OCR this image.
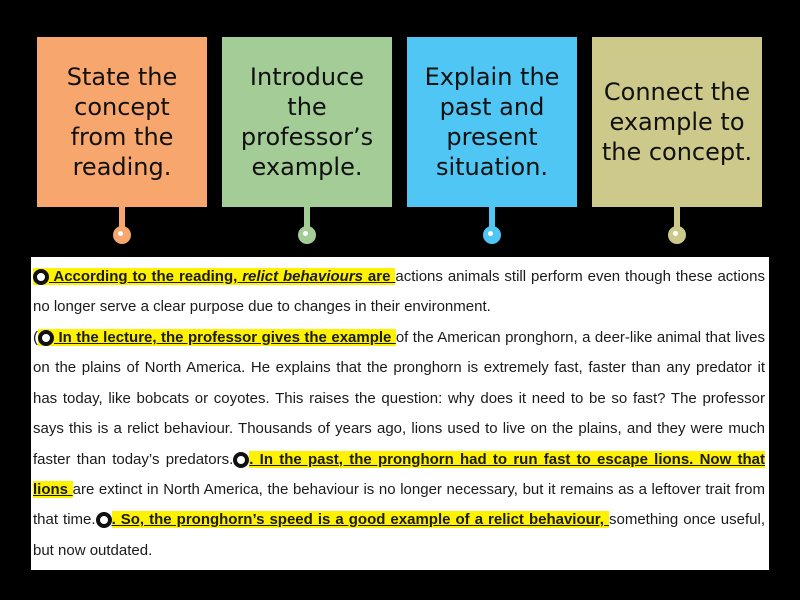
State the concept from the reading.
Introduce the professor’s example.
Explain the past and present situation.
Connect the example to the concept.

According to the reading, relict behaviours are actions animals still perform even though these actions no longer serve a clear purpose due to changes in their environment.

( In the lecture, the professor gives the example of the American pronghorn, a deer-like animal that lives on the plains of North America. He explains that the pronghorn is extremely fast, faster than any predator it has today, like bobcats or coyotes. This raises the question: why does it need to be so fast? The professor says this is a relict behaviour. Thousands of years ago, lions used to live on the plains, and they were much faster than today’s predators. . In the past, the pronghorn had to run fast to escape lions. Now that lions are extinct in North America, the behaviour is no longer necessary, but it remains as a leftover trait from that time. . So, the pronghorn’s speed is a good example of a relict behaviour, something once useful, but now outdated.
